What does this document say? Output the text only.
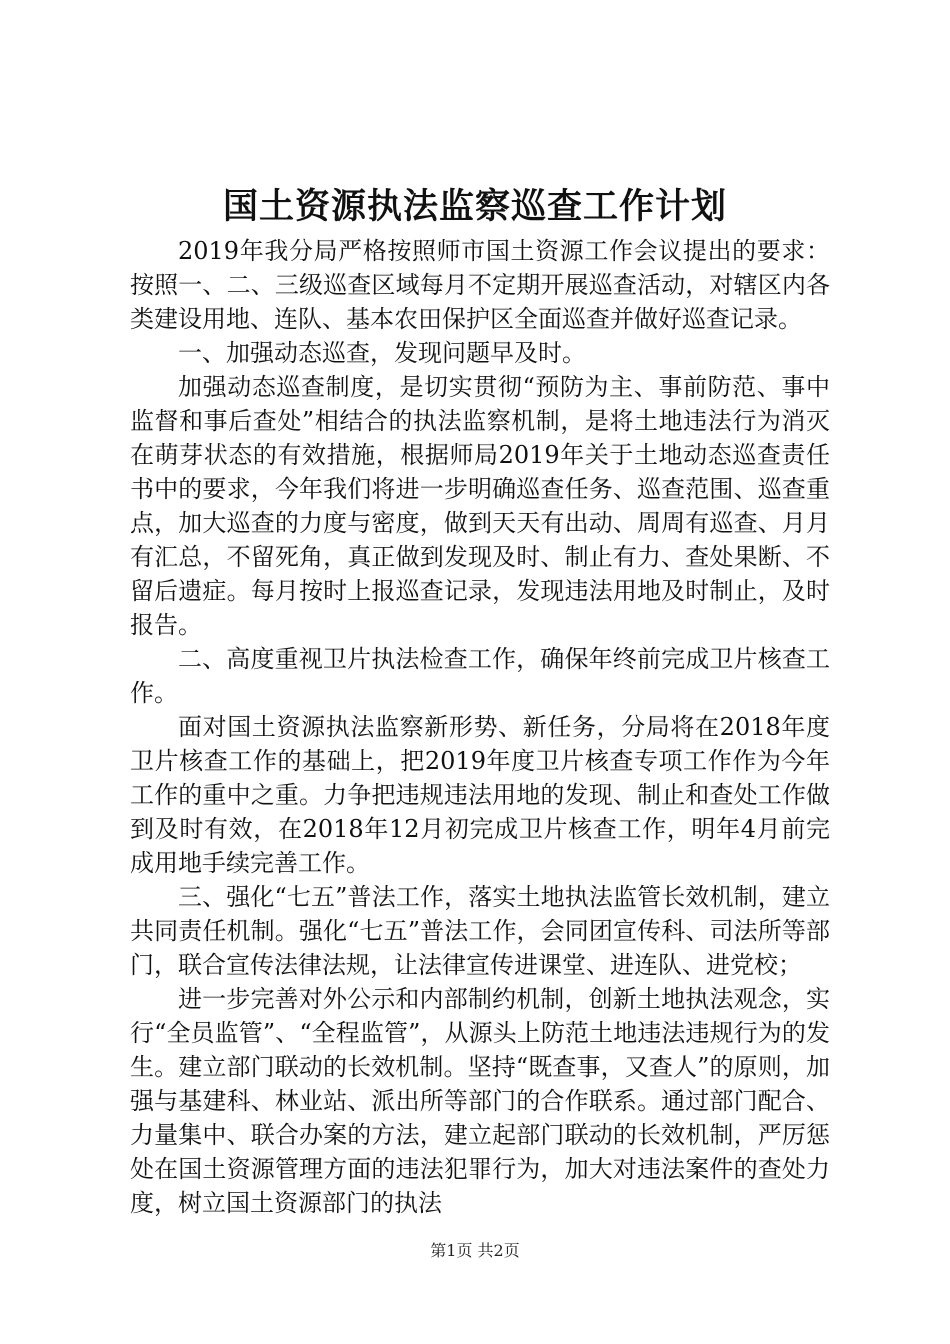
国土资源执法监察巡查工作计划

2019年我分局严格按照师市国土资源工作会议提出的要求：按照一、二、三级巡查区域每月不定期开展巡查活动，对辖区内各类建设用地、连队、基本农田保护区全面巡查并做好巡查记录。

一、加强动态巡查，发现问题早及时。

加强动态巡查制度，是切实贯彻“预防为主、事前防范、事中监督和事后查处”相结合的执法监察机制，是将土地违法行为消灭在萌芽状态的有效措施，根据师局2019年关于土地动态巡查责任书中的要求，今年我们将进一步明确巡查任务、巡查范围、巡查重点，加大巡查的力度与密度，做到天天有出动、周周有巡查、月月有汇总，不留死角，真正做到发现及时、制止有力、查处果断、不留后遗症。每月按时上报巡查记录，发现违法用地及时制止，及时报告。

二、高度重视卫片执法检查工作，确保年终前完成卫片核查工作。

面对国土资源执法监察新形势、新任务，分局将在2018年度卫片核查工作的基础上，把2019年度卫片核查专项工作作为今年工作的重中之重。力争把违规违法用地的发现、制止和查处工作做到及时有效，在2018年12月初完成卫片核查工作，明年4月前完成用地手续完善工作。

三、强化“七五”普法工作，落实土地执法监管长效机制，建立共同责任机制。强化“七五”普法工作，会同团宣传科、司法所等部门，联合宣传法律法规，让法律宣传进课堂、进连队、进党校；

进一步完善对外公示和内部制约机制，创新土地执法观念，实行“全员监管”、“全程监管”，从源头上防范土地违法违规行为的发生。建立部门联动的长效机制。坚持“既查事，又查人”的原则，加强与基建科、林业站、派出所等部门的合作联系。通过部门配合、力量集中、联合办案的方法，建立起部门联动的长效机制，严厉惩处在国土资源管理方面的违法犯罪行为，加大对违法案件的查处力度，树立国土资源部门的执法

第1页 共2页
